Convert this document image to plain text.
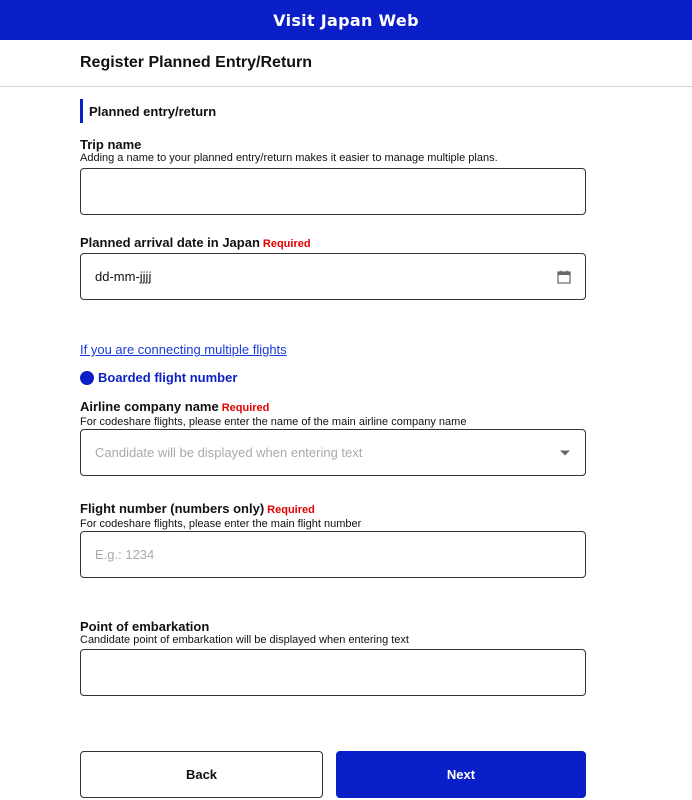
Visit Japan Web
Register Planned Entry/Return
Planned entry/return
Trip name
Adding a name to your planned entry/return makes it easier to manage multiple plans.
Planned arrival date in Japan Required
dd-mm-jjjj
If you are connecting multiple flights
Boarded flight number
Airline company name Required
For codeshare flights, please enter the name of the main airline company name
Candidate will be displayed when entering text
Flight number (numbers only) Required
For codeshare flights, please enter the main flight number
E.g.: 1234
Point of embarkation
Candidate point of embarkation will be displayed when entering text
Back	Next
